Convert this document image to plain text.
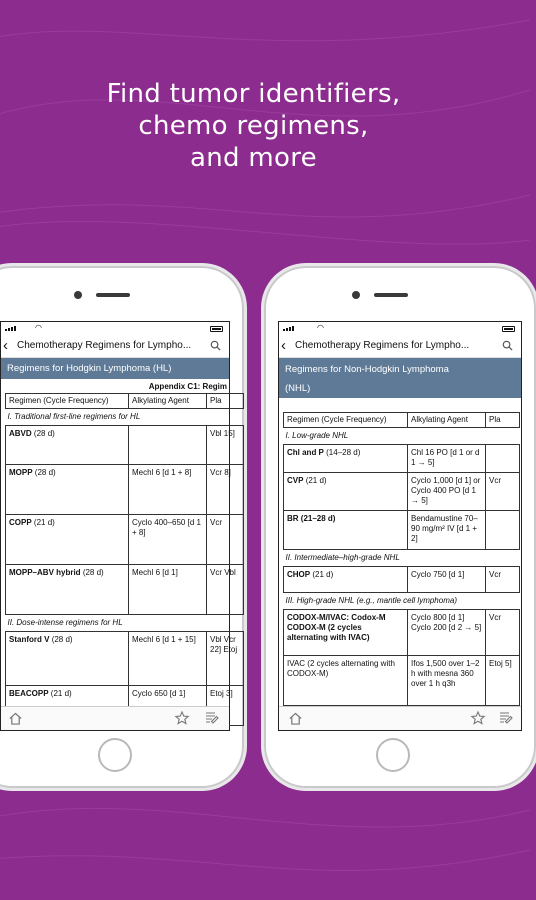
Find tumor identifiers,
chemo regimens,
and more
◠
‹ Chemotherapy Regimens for Lympho...
Regimens for Hodgkin Lymphoma (HL)
Appendix C1: Regim
Regimen (Cycle Frequency)	Alkylating Agent	Pla
I. Traditional first-line regimens for HL		
ABVD (28 d)		Vbl 15]
MOPP (28 d)	Mechl 6 [d 1 + 8]	Vcr 8]
COPP (21 d)	Cyclo 400–650 [d 1 + 8]	Vcr
MOPP–ABV hybrid (28 d)	Mechl 6 [d 1]	Vcr Vbl
II. Dose-intense regimens for HL		
Stanford V (28 d)	Mechl 6 [d 1 + 15]	Vbl Vcr 22] Etoj
BEACOPP (21 d)	Cyclo 650 [d 1]	Etoj 3]
◠
‹ Chemotherapy Regimens for Lympho...
Regimens for Non-Hodgkin Lymphoma
(NHL)
Regimen (Cycle Frequency)	Alkylating Agent	Pla
I. Low-grade NHL		
Chl and P (14–28 d)	Chl 16 PO [d 1 or d 1 → 5]	
CVP (21 d)	Cyclo 1,000 [d 1] or Cyclo 400 PO [d 1 → 5]	Vcr
BR (21–28 d)	Bendamustine 70–90 mg/m² IV [d 1 + 2]	
II. Intermediate–high-grade NHL		
CHOP (21 d)	Cyclo 750 [d 1]	Vcr
III. High-grade NHL (e.g., mantle cell lymphoma)		
CODOX-M/IVAC: Codox-M CODOX-M (2 cycles alternating with IVAC)	Cyclo 800 [d 1] Cyclo 200 [d 2 → 5]	Vcr
IVAC (2 cycles alternating with CODOX-M)	Ifos 1,500 over 1–2 h with mesna 360 over 1 h q3h	Etoj 5]
